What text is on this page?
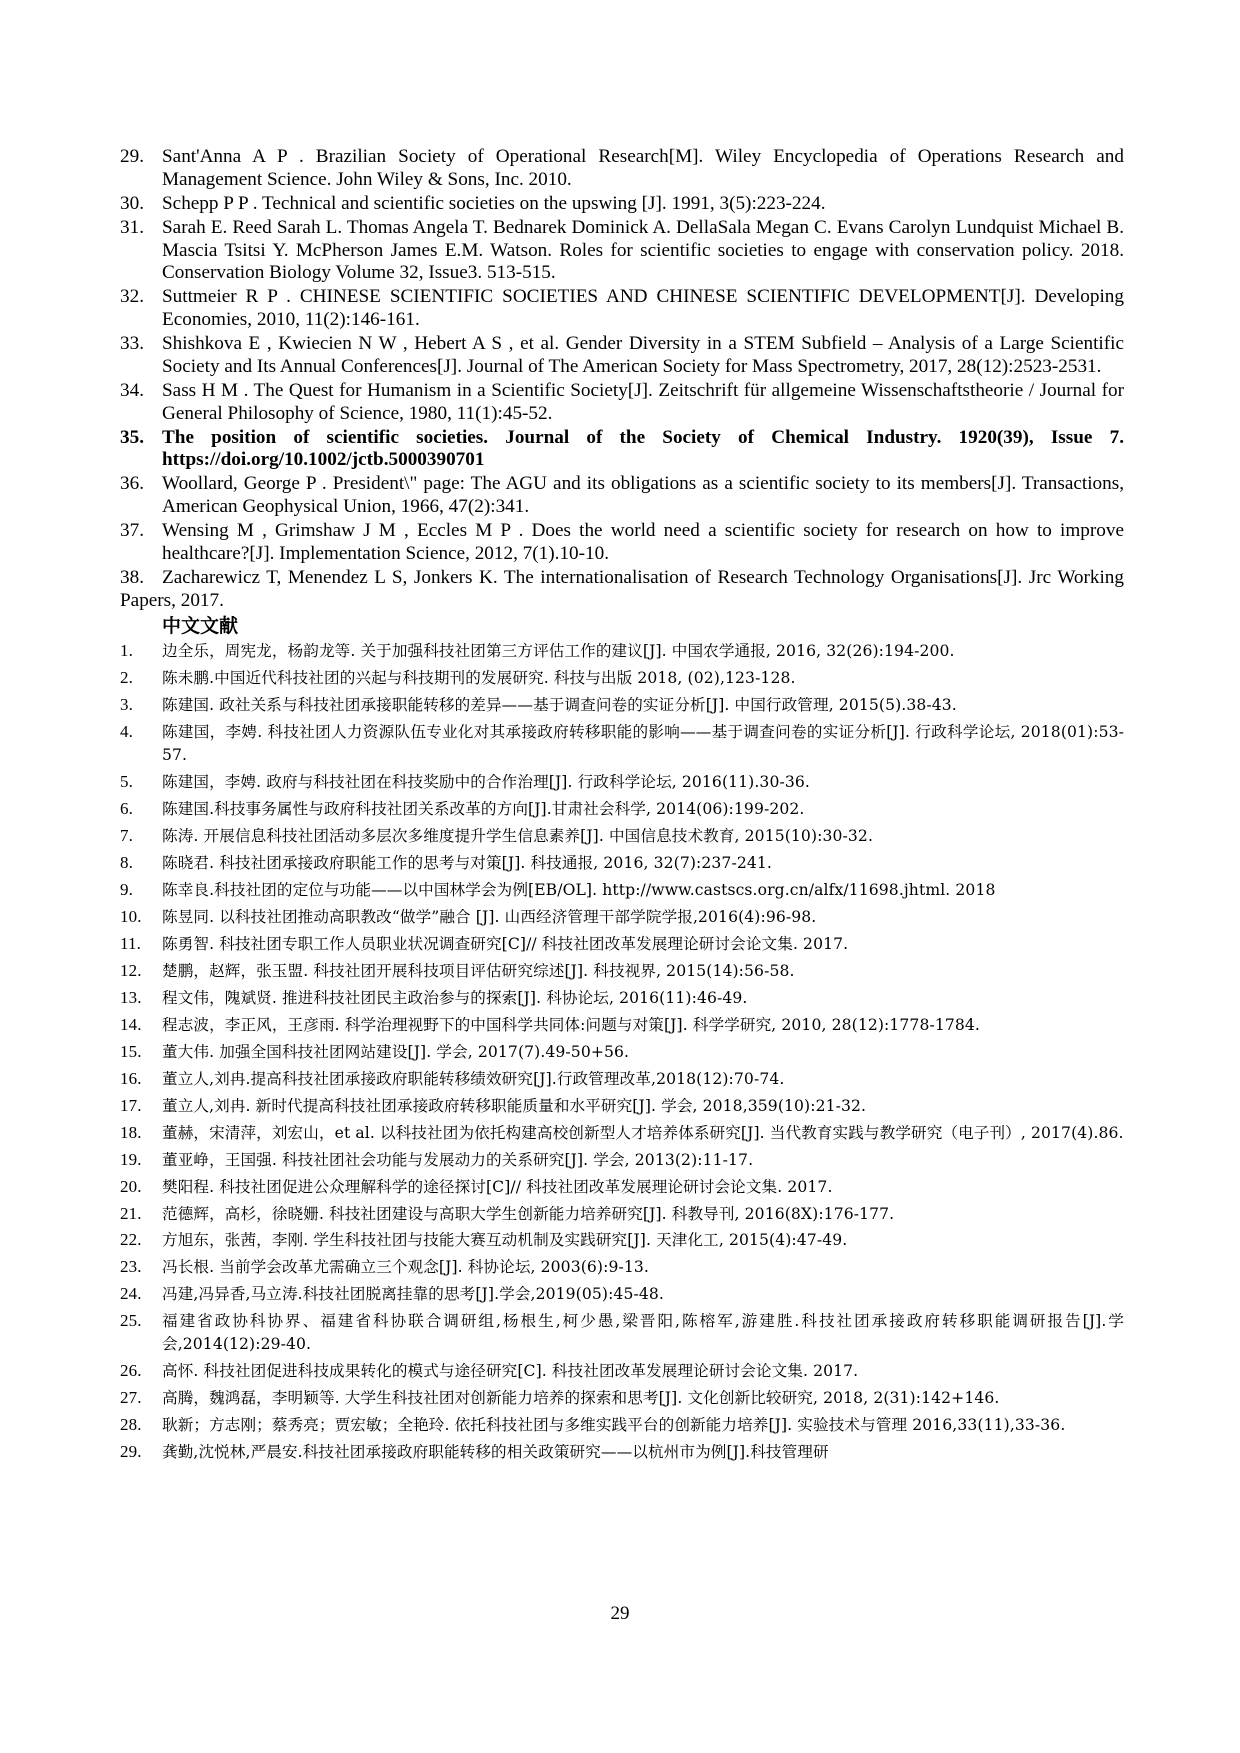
29. Sant'Anna A P . Brazilian Society of Operational Research[M]. Wiley Encyclopedia of Operations Research and Management Science. John Wiley & Sons, Inc. 2010.
30. Schepp P P . Technical and scientific societies on the upswing [J]. 1991, 3(5):223-224.
31. Sarah E. Reed Sarah L. Thomas Angela T. Bednarek Dominick A. DellaSala Megan C. Evans Carolyn Lundquist Michael B. Mascia Tsitsi Y. McPherson James E.M. Watson. Roles for scientific societies to engage with conservation policy. 2018. Conservation Biology Volume 32, Issue3. 513-515.
32. Suttmeier R P . CHINESE SCIENTIFIC SOCIETIES AND CHINESE SCIENTIFIC DEVELOPMENT[J]. Developing Economies, 2010, 11(2):146-161.
33. Shishkova E , Kwiecien N W , Hebert A S , et al. Gender Diversity in a STEM Subfield – Analysis of a Large Scientific Society and Its Annual Conferences[J]. Journal of The American Society for Mass Spectrometry, 2017, 28(12):2523-2531.
34. Sass H M . The Quest for Humanism in a Scientific Society[J]. Zeitschrift für allgemeine Wissenschaftstheorie / Journal for General Philosophy of Science, 1980, 11(1):45-52.
35. The position of scientific societies. Journal of the Society of Chemical Industry. 1920(39), Issue 7. https://doi.org/10.1002/jctb.5000390701
36. Woollard, George P . President\" page: The AGU and its obligations as a scientific society to its members[J]. Transactions, American Geophysical Union, 1966, 47(2):341.
37. Wensing M , Grimshaw J M , Eccles M P . Does the world need a scientific society for research on how to improve healthcare?[J]. Implementation Science, 2012, 7(1).10-10.
38. Zacharewicz T, Menendez L S, Jonkers K. The internationalisation of Research Technology Organisations[J]. Jrc Working Papers, 2017.
中文文献
1.	边全乐，周宪龙，杨韵龙等. 关于加强科技社团第三方评估工作的建议[J]. 中国农学通报, 2016, 32(26):194-200.
2.	陈未鹏.中国近代科技社团的兴起与科技期刊的发展研究. 科技与出版 2018, (02),123-128.
3.	陈建国. 政社关系与科技社团承接职能转移的差异——基于调查问卷的实证分析[J]. 中国行政管理, 2015(5).38-43.
4.	陈建国，李娉. 科技社团人力资源队伍专业化对其承接政府转移职能的影响——基于调查问卷的实证分析[J]. 行政科学论坛, 2018(01):53-57.
5.	陈建国，李娉. 政府与科技社团在科技奖励中的合作治理[J]. 行政科学论坛, 2016(11).30-36.
6.	陈建国.科技事务属性与政府科技社团关系改革的方向[J].甘肃社会科学, 2014(06):199-202.
7.	陈涛. 开展信息科技社团活动多层次多维度提升学生信息素养[J]. 中国信息技术教育, 2015(10):30-32.
8.	陈晓君. 科技社团承接政府职能工作的思考与对策[J]. 科技通报, 2016, 32(7):237-241.
9.	陈幸良.科技社团的定位与功能——以中国林学会为例[EB/OL]. http://www.castscs.org.cn/alfx/11698.jhtml. 2018
10.	陈昱同. 以科技社团推动高职教改“做学”融合 [J]. 山西经济管理干部学院学报,2016(4):96-98.
11.	陈勇智. 科技社团专职工作人员职业状况调查研究[C]// 科技社团改革发展理论研讨会论文集. 2017.
12.	楚鹏，赵辉，张玉盟. 科技社团开展科技项目评估研究综述[J]. 科技视界, 2015(14):56-58.
13.	程文伟，隗斌贤. 推进科技社团民主政治参与的探索[J]. 科协论坛, 2016(11):46-49.
14. 程志波，李正风，王彦雨. 科学治理视野下的中国科学共同体:问题与对策[J]. 科学学研究, 2010, 28(12):1778-1784.
15.	董大伟. 加强全国科技社团网站建设[J]. 学会, 2017(7).49-50+56.
16.	董立人,刘冉.提高科技社团承接政府职能转移绩效研究[J].行政管理改革,2018(12):70-74.
17.	董立人,刘冉. 新时代提高科技社团承接政府转移职能质量和水平研究[J]. 学会, 2018,359(10):21-32.
18.	董赫，宋清萍，刘宏山，et al. 以科技社团为依托构建高校创新型人才培养体系研究[J]. 当代教育实践与教学研究（电子刊）, 2017(4).86.
19.	董亚峥，王国强. 科技社团社会功能与发展动力的关系研究[J]. 学会, 2013(2):11-17.
20.	樊阳程. 科技社团促进公众理解科学的途径探讨[C]// 科技社团改革发展理论研讨会论文集. 2017.
21.	范德辉，高杉，徐晓姗. 科技社团建设与高职大学生创新能力培养研究[J]. 科教导刊, 2016(8X):176-177.
22.	方旭东，张茜，李刚. 学生科技社团与技能大赛互动机制及实践研究[J]. 天津化工, 2015(4):47-49.
23.	冯长根. 当前学会改革尤需确立三个观念[J]. 科协论坛, 2003(6):9-13.
24.	冯建,冯异香,马立涛.科技社团脱离挂靠的思考[J].学会,2019(05):45-48.
25.	福建省政协科协界、福建省科协联合调研组,杨根生,柯少愚,梁晋阳,陈榕军,游建胜.科技社团承接政府转移职能调研报告[J].学会,2014(12):29-40.
26.	高怀. 科技社团促进科技成果转化的模式与途径研究[C]. 科技社团改革发展理论研讨会论文集. 2017.
27.	高腾，魏鸿磊，李明颖等. 大学生科技社团对创新能力培养的探索和思考[J]. 文化创新比较研究, 2018, 2(31):142+146.
28.	耿新；方志刚；蔡秀亮；贾宏敏；全艳玲. 依托科技社团与多维实践平台的创新能力培养[J]. 实验技术与管理 2016,33(11),33-36.
29.	龚勤,沈悦林,严晨安.科技社团承接政府职能转移的相关政策研究——以杭州市为例[J].科技管理研
29
